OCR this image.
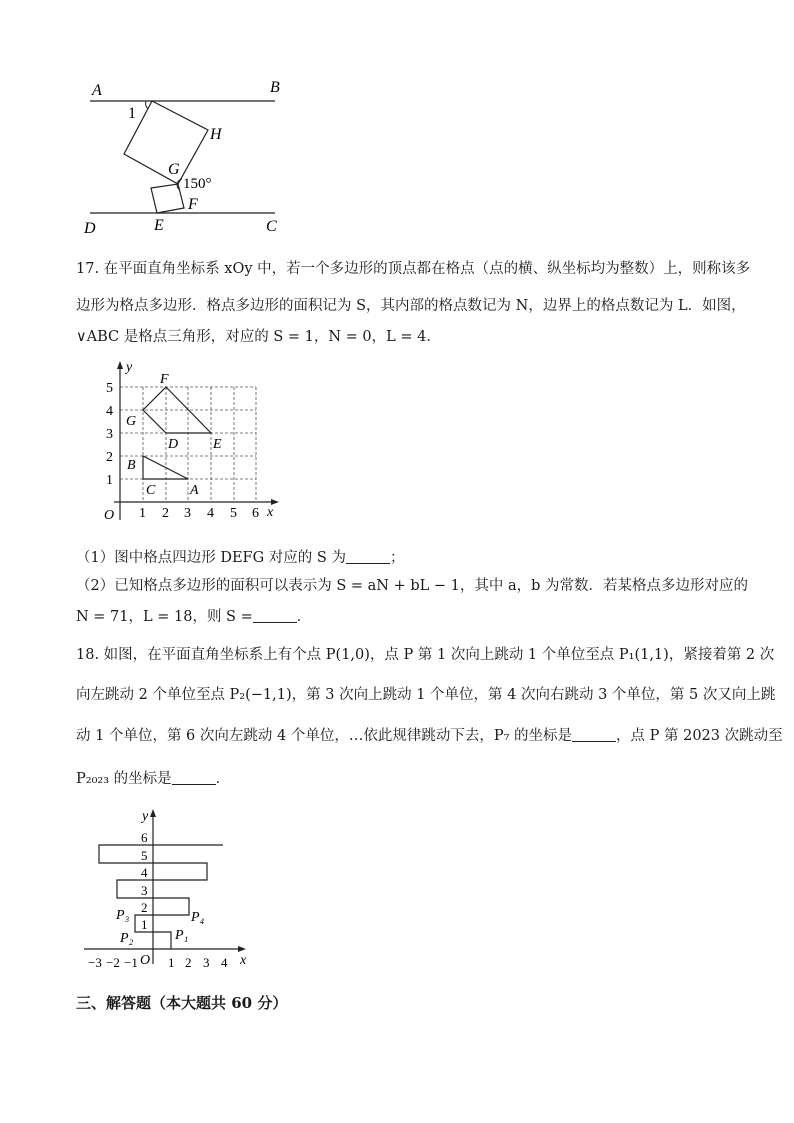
A	B
1
H
G
150°
F
E
D	C
17. 在平面直角坐标系 xOy 中，若一个多边形的顶点都在格点（点的横、纵坐标均为整数）上，则称该多
边形为格点多边形．格点多边形的面积记为 S，其内部的格点数记为 N，边界上的格点数记为 L．如图，
∨ABC 是格点三角形，对应的 S = 1，N = 0，L = 4．
y
x
O 1 2 3 4 5 6
1
2
3
4
5
F
G
D E
B
C A
（1）图中格点四边形 DEFG 对应的 S 为	；
（2）已知格点多边形的面积可以表示为 S = aN + bL − 1，其中 a，b 为常数．若某格点多边形对应的
N = 71，L = 18，则 S =	．
18. 如图，在平面直角坐标系上有个点 P(1,0)，点 P 第 1 次向上跳动 1 个单位至点 P₁(1,1)，紧接着第 2 次
向左跳动 2 个单位至点 P₂(−1,1)，第 3 次向上跳动 1 个单位，第 4 次向右跳动 3 个单位，第 5 次又向上跳
动 1 个单位，第 6 次向左跳动 4 个单位，…依此规律跳动下去，P₇ 的坐标是	，点 P 第 2023 次跳动至
P₂₀₂₃ 的坐标是	．
y
x
O
−3 −2 −1 1 2 3 4
1
2
3
4
5
6
P₁
P₂
P₃	P₄
三、解答题（本大题共 60 分）
